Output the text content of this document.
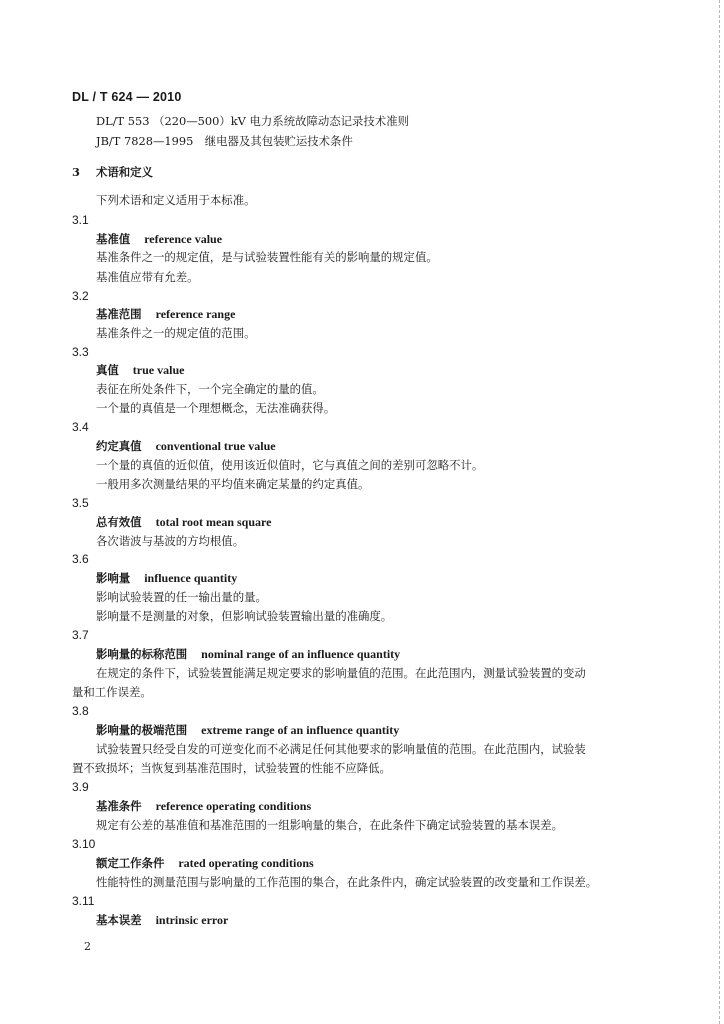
DL / T 624 — 2010
DL/T 553 （220—500）kV 电力系统故障动态记录技术准则
JB/T 7828—1995　继电器及其包装贮运技术条件
3 术语和定义
下列术语和定义适用于本标准。
3.1
基准值 reference value
基准条件之一的规定值，是与试验装置性能有关的影响量的规定值。
基准值应带有允差。
3.2
基准范围 reference range
基准条件之一的规定值的范围。
3.3
真值 true value
表征在所处条件下，一个完全确定的量的值。
一个量的真值是一个理想概念，无法准确获得。
3.4
约定真值 conventional true value
一个量的真值的近似值，使用该近似值时，它与真值之间的差别可忽略不计。
一般用多次测量结果的平均值来确定某量的约定真值。
3.5
总有效值 total root mean square
各次谐波与基波的方均根值。
3.6
影响量 influence quantity
影响试验装置的任一输出量的量。
影响量不是测量的对象，但影响试验装置输出量的准确度。
3.7
影响量的标称范围 nominal range of an influence quantity
在规定的条件下，试验装置能满足规定要求的影响量值的范围。在此范围内，测量试验装置的变动
量和工作误差。
3.8
影响量的极端范围 extreme range of an influence quantity
试验装置只经受自发的可逆变化而不必满足任何其他要求的影响量值的范围。在此范围内，试验装
置不致损坏；当恢复到基准范围时，试验装置的性能不应降低。
3.9
基准条件 reference operating conditions
规定有公差的基准值和基准范围的一组影响量的集合，在此条件下确定试验装置的基本误差。
3.10
额定工作条件 rated operating conditions
性能特性的测量范围与影响量的工作范围的集合，在此条件内，确定试验装置的改变量和工作误差。
3.11
基本误差 intrinsic error
2
